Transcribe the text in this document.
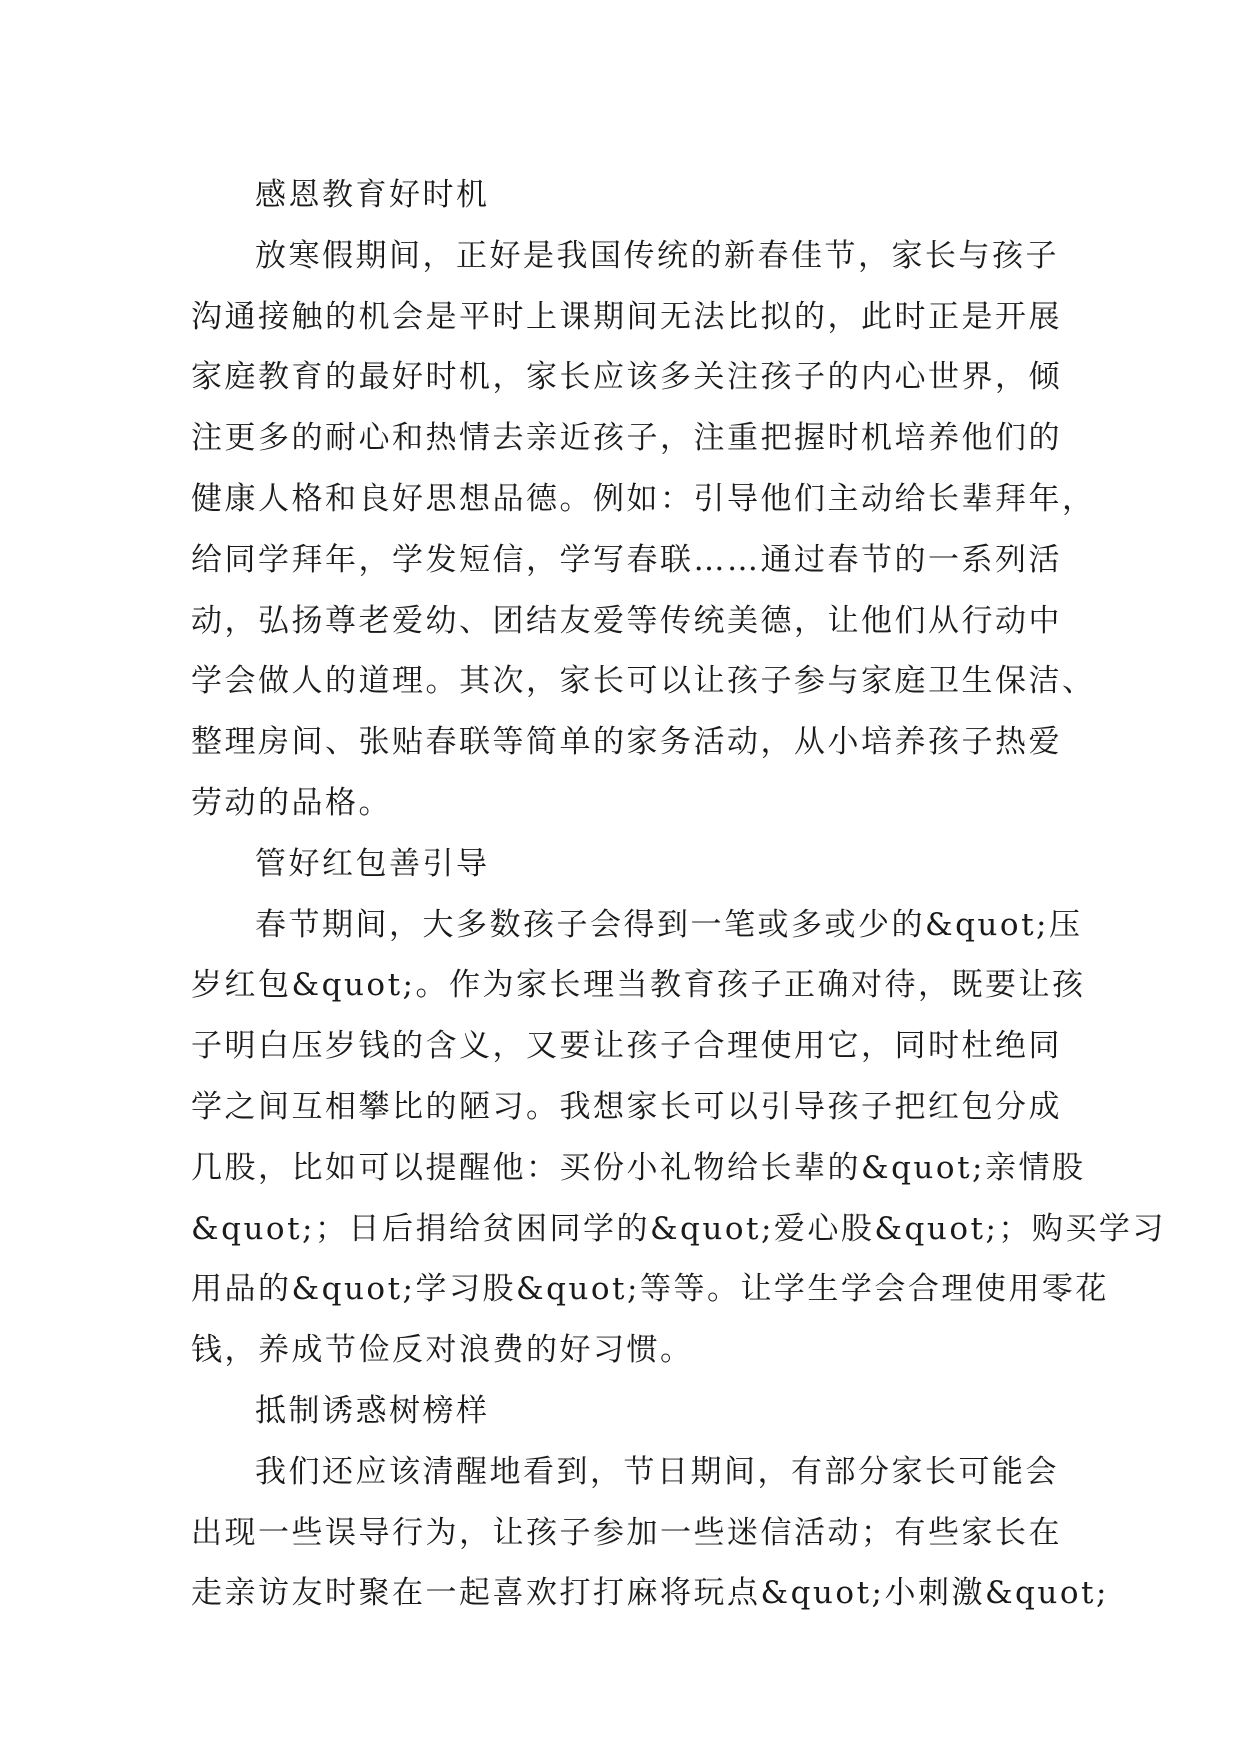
感恩教育好时机
放寒假期间，正好是我国传统的新春佳节，家长与孩子
沟通接触的机会是平时上课期间无法比拟的，此时正是开展
家庭教育的最好时机，家长应该多关注孩子的内心世界，倾
注更多的耐心和热情去亲近孩子，注重把握时机培养他们的
健康人格和良好思想品德。例如：引导他们主动给长辈拜年，
给同学拜年，学发短信，学写春联……通过春节的一系列活
动，弘扬尊老爱幼、团结友爱等传统美德，让他们从行动中
学会做人的道理。其次，家长可以让孩子参与家庭卫生保洁、
整理房间、张贴春联等简单的家务活动，从小培养孩子热爱
劳动的品格。
管好红包善引导
春节期间，大多数孩子会得到一笔或多或少的&quot;压
岁红包&quot;。作为家长理当教育孩子正确对待，既要让孩
子明白压岁钱的含义，又要让孩子合理使用它，同时杜绝同
学之间互相攀比的陋习。我想家长可以引导孩子把红包分成
几股，比如可以提醒他：买份小礼物给长辈的&quot;亲情股
&quot;；日后捐给贫困同学的&quot;爱心股&quot;；购买学习
用品的&quot;学习股&quot;等等。让学生学会合理使用零花
钱，养成节俭反对浪费的好习惯。
抵制诱惑树榜样
我们还应该清醒地看到，节日期间，有部分家长可能会
出现一些误导行为，让孩子参加一些迷信活动；有些家长在
走亲访友时聚在一起喜欢打打麻将玩点&quot;小刺激&quot;
